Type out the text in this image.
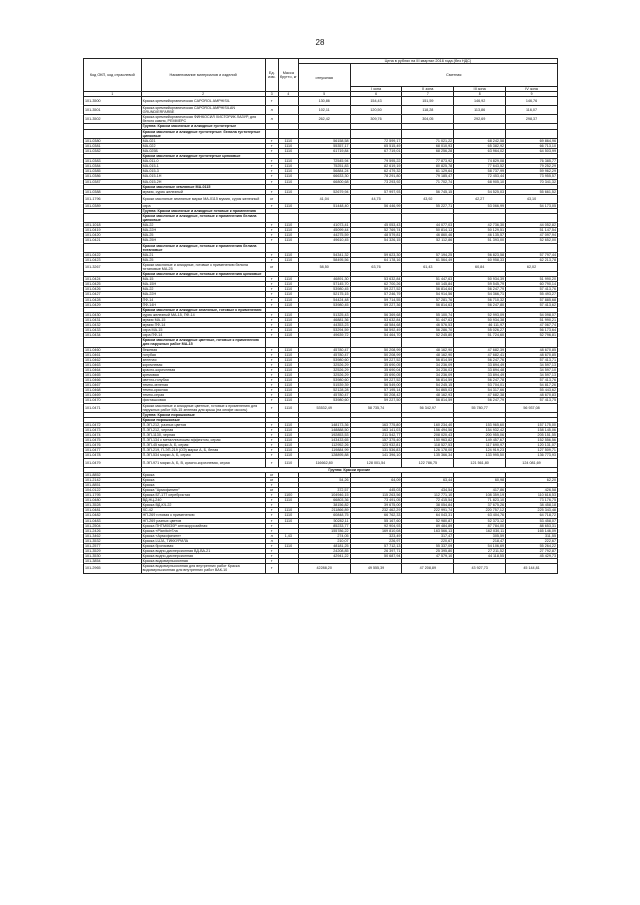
28
Код ОКП, код отраслевой	Наименование материалов и изделий	Ед. изм.	Масса брутто, кг	Цена в рублях на III квартал 2016 года (без НДС)				
				отпускная	Сметная			
					I зона	II зона	III зона	IV зона
1	2	3	4	5	6	7	8	9
101-3500	Краска кремнийорганическая CAPOROL AMPHISIL	т		130,86	154,43	151,59	146,92	146,76
101-3501	Краска кремнийорганическая CAPOROL AMPHISILAN GRUNDIERFARBE	л		102,11	120,50	118,28	113,86	116,07
101-3502	Краска кремнийорганическая ФИНКОСИЛ ХИСТОРИК ЛАЗУР, для белого камня, РЕММЕРС	л		262,42	309,76	304,05	292,69	298,37
	Группа: Краски масляные и алкидные густотертые							
	Краски масляные и алкидные густотертые: белила густотертые цинковые							
101-0380	МА-021	т	1110	56158,58	72 599,17	71 021,22	68 242,58	69 864,96
101-0381	МА-022	т	1110	55357,17	65 515,49	68 010,93	65 382,92	66 713,10
101-0382	МА-025Б	т	1110	61719,84	67 719,01	68 256,28	63 964,02	64 503,99
	Краски масляные и алкидные густотертые цинковые							
101-0383	МА-011-0	т	1110	72545,94	79 595,22	77 873,92	74 829,08	76 385,77
101-0384	МА-015-1	т	1110	75251,83	82 619,19	80 825,78	77 643,52	79 252,29
101-0385	МА-015-3	т	1110	56884,24	62 479,32	61 129,64	58 737,99	59 962,29
101-0386	МА-015-1Н	т	1110	66633,30	78 291,80	79 185,47	72 453,44	73 955,57
101-0387	МА-015-2Н	т	1110	66800,68	73 293,92	71 702,74	68 905,10	70 341,32
	Краски масляные земляные МА-0115							
101-0388	мумия, сурик железный	т	1110	52679,94	57 997,93	56 745,15	54 525,03	55 661,52
101-1796	Краски масляные земляные марки МА-0115 мумия, сурик железный	кг		41,04	44,75	43,92	42,27	43,10
101-0389	охра	т	1110	51448,40	56 446,99	55 227,71	53 066,99	54 173,05
	Группа: Краски масляные и алкидные готовые к применению							
	Краски масляные и алкидные, готовые к применению белила цинковые							
101-1018	МА-22	т	1110	41073,41	45 053,43	44 077,03	42 736,30	44 052,82
101-0419	МА-22Н	т	1110	45099,44	52 769,74	50 814,13	50 129,51	51 147,54
101-0420	МА-25	т	1110	44275,59	48 579,81	46 860,46	46 135,57	47 097,94
101-0421	МА-25Н	т	1110	49610,45	54 326,15	52 112,86	51 393,00	52 652,00
	Краски масляные и алкидные, готовые к применению белила титановые							
101-0422	МА-21	т	1110	54341,32	59 623,30	57 194,25	56 823,58	57 797,44
101-0423	МА-25	т	1110	58495,56	64 178,16	61 564,49	60 958,33	62 213,78
101-3267	Краски масляные и алкидные, готовые к применению белила титановые МА-25	кг		58,50	63,76	61,43	60,84	62,02
	Краски масляные и алкидные, готовые к применению цинковые							
101-0424	МА-15	т	1110	46891,30	53 632,84	51 447,63	50 934,39	51 990,20
101-0425	МА-15Н	т	1110	57145,70	62 700,26	60 145,84	59 545,79	60 790,14
101-0426	МА-22	т	1110	53980,45	59 227,52	56 814,64	56 247,79	57 413,76
101-0427	МА-22Н	т	1110	52175,15	57 246,79	54 914,56	54 366,71	55 493,27
101-0428	ПФ-14	т	1110	54424,48	59 714,55	57 281,76	56 710,32	57 885,68
101-0429	ПФ-14Н	т	1110	53980,45	59 227,36	56 814,63	56 247,80	57 413,62
	Краски масляные и алкидные земляные, готовые к применению							
101-0430	сурик железный МА-15, ПФ-14	т	1110	51325,43	56 369,68	55 100,74	52 993,09	54 098,07
101-0431	мумия МА-15	т	1110	46881,36	53 632,84	51 447,63	50 934,38	51 990,21
101-0432	мумия ПФ-14	т	1110	44353,23	48 584,68	46 576,53	46 111,97	47 067,74
101-0433	охра МА-15	т	1110	53294,59	58 592,49	56 286,70	55 026,27	56 173,64
101-0434	охра ПФ-14	т	1110	49639,72	54 464,70	52 245,80	51 724,60	52 796,81
	Краски масляные и алкидные цветные, готовые к применению для наружных работ МА-15							
101-0460	бежевая	т	1110	45780,47	50 208,99	48 162,90	47 682,39	48 670,85
101-0461	голубая	т	1110	45780,47	50 208,99	48 162,90	47 682,41	48 670,85
101-0462	зеленая	т	1110	53980,60	59 227,52	56 814,59	56 247,76	57 413,71
101-0463	коричневая	т	1110	32526,29	35 690,05	34 236,09	33 894,49	34 597,13
101-0464	красно-коричневая	т	1110	32526,29	35 690,04	34 236,03	33 894,48	34 597,10
101-0465	кремовая	т	1110	32526,29	35 690,05	34 236,09	33 894,49	34 597,13
101-0466	светло-голубая	т	1110	53980,60	59 227,52	56 814,59	56 247,78	57 413,76
101-0467	темно-зеленая	т	1110	51539,39	56 549,00	54 245,15	53 704,01	54 817,26
101-0468	темно-красная	т	1110	52128,28	57 195,14	54 865,03	54 317,66	55 443,62
101-0469	темно-серая	т	1110	45780,47	50 208,42	48 162,93	47 682,38	48 670,83
101-0470	фисташковая	т	1110	53980,60	59 227,50	56 814,59	56 247,79	57 413,75
101-0471	Краски масляные и алкидные цветные, готовые к применению для наружных работ МА-15 зеленая для крыш (на олифе оксоль)	т	1110	53532,49	58 735,74	56 342,97	55 780,77	56 937,08
	Группа: Краски порошковые							
	Краски порошковые							
101-0472	П-ЭП-212, разных цветов	т	1110	148173,36	163 775,80	160 234,40	153 965,60	157 175,00
101-0473	П-ЭП-212, черная	т	1110	148888,50	163 141,03	156 494,56	154 932,42	158 145,06
101-0474	П-ЭП-1130, черная	т	1110	192853,53	211 542,77	208 020,43	200 955,06	205 151,55
101-0475	П-ЭП-134 с металлическим эффектом, серая	т	1110	143433,65	157 375,40	150 963,82	149 457,67	152 556,56
101-0476	П-ЭП-45 марки А, Б, серая	т	1110	112952,26	123 932,81	118 527,53	117 690,97	120 131,07
101-0477	П-ЭП-219, П-ЭП-219 (ОЭ) марки А, Б, белая	т	1110	119884,99	131 536,83	126 178,00	124 919,23	127 509,71
101-0478	П-ЭП-534 марки А, Б, серая	т	1110	128895,88	141 396,10	135 366,34	133 995,50	136 773,93
101-0479	П-ЭП-971 марки А, Б, В, красно-коричневая, серая	т	1110	116662,80	128 001,54	122 786,75	121 561,80	124 081,69
	Группа: Краски прочие							
101-8852	Краска	кг						
101-2142	Краска	кг		54,26	64,09	63,44	60,98	62,20
101-8851	Краска	т						
104-0122	Краска "Армофининг"	кг		372,57	445,03	434,54	417,86	426,58
101-1795	Краска БТ-177 серебристая	т	1100	104946,15	115 263,56	112 771,10	108 359,19	110 616,53
101-0480	ВД-НЦ-240	т	1110	66803,36	73 491,05	72 415,54	71 823,10	73 176,75
101-3528	Краска ВД-КЧ-22	т		38156,82	39 675,00	38 054,84	37 675,26	38 458,18
101-0481	ХС-42	т	1110	211866,89	232 462,29	222 991,74	220 757,12	225 343,48
101-0482	НП-269 готовая к применению	т	1110	60848,75	66 762,33	64 043,31	63 404,76	64 718,72
101-0483	НП-269 разных цветов	т	1110	50282,11	55 167,60	52 980,87	52 373,12	53 458,07
101-2504	Краска ПНТМ0030Р антикоррозийная	т		85233,77	92 904,93	89 484,89	87 784,00	88 653,31
101-2426	Краска «Planitol»Гла	т		155786,22	169 810,08	163 566,13	162 030,11	165 146,09
101-3462	Краска «Армофининг»	л	1,43	274,05	323,49	317,47	305,59	311,55
101-3532	Краска LUJA, ТИККУРИЛА	л		210,07	226,97	220,67	218,47	222,67
101-2577	Краска бронзовая	т	1110	48181,25	57 712,13	55 337,09	54 106,69	55 264,22
101-3529	Краска водно-дисперсионная ВД-ВА-21	т		24208,85	26 397,71	25 395,80	27 211,52	27 792,87
101-3530	Краска водно-дисперсионная	т		42941,22	50 687,94	47 579,10	44 118,55	45 429,73
101-3854	Краска водоэмульсионная	т						
101-2965	Краска водоэмульсионная для внутренних работ Краска водоэмульсионная для внутренних работ ВАК-10	т		42288,20	49 555,39	47 208,89	43 927,73	45 144,81
